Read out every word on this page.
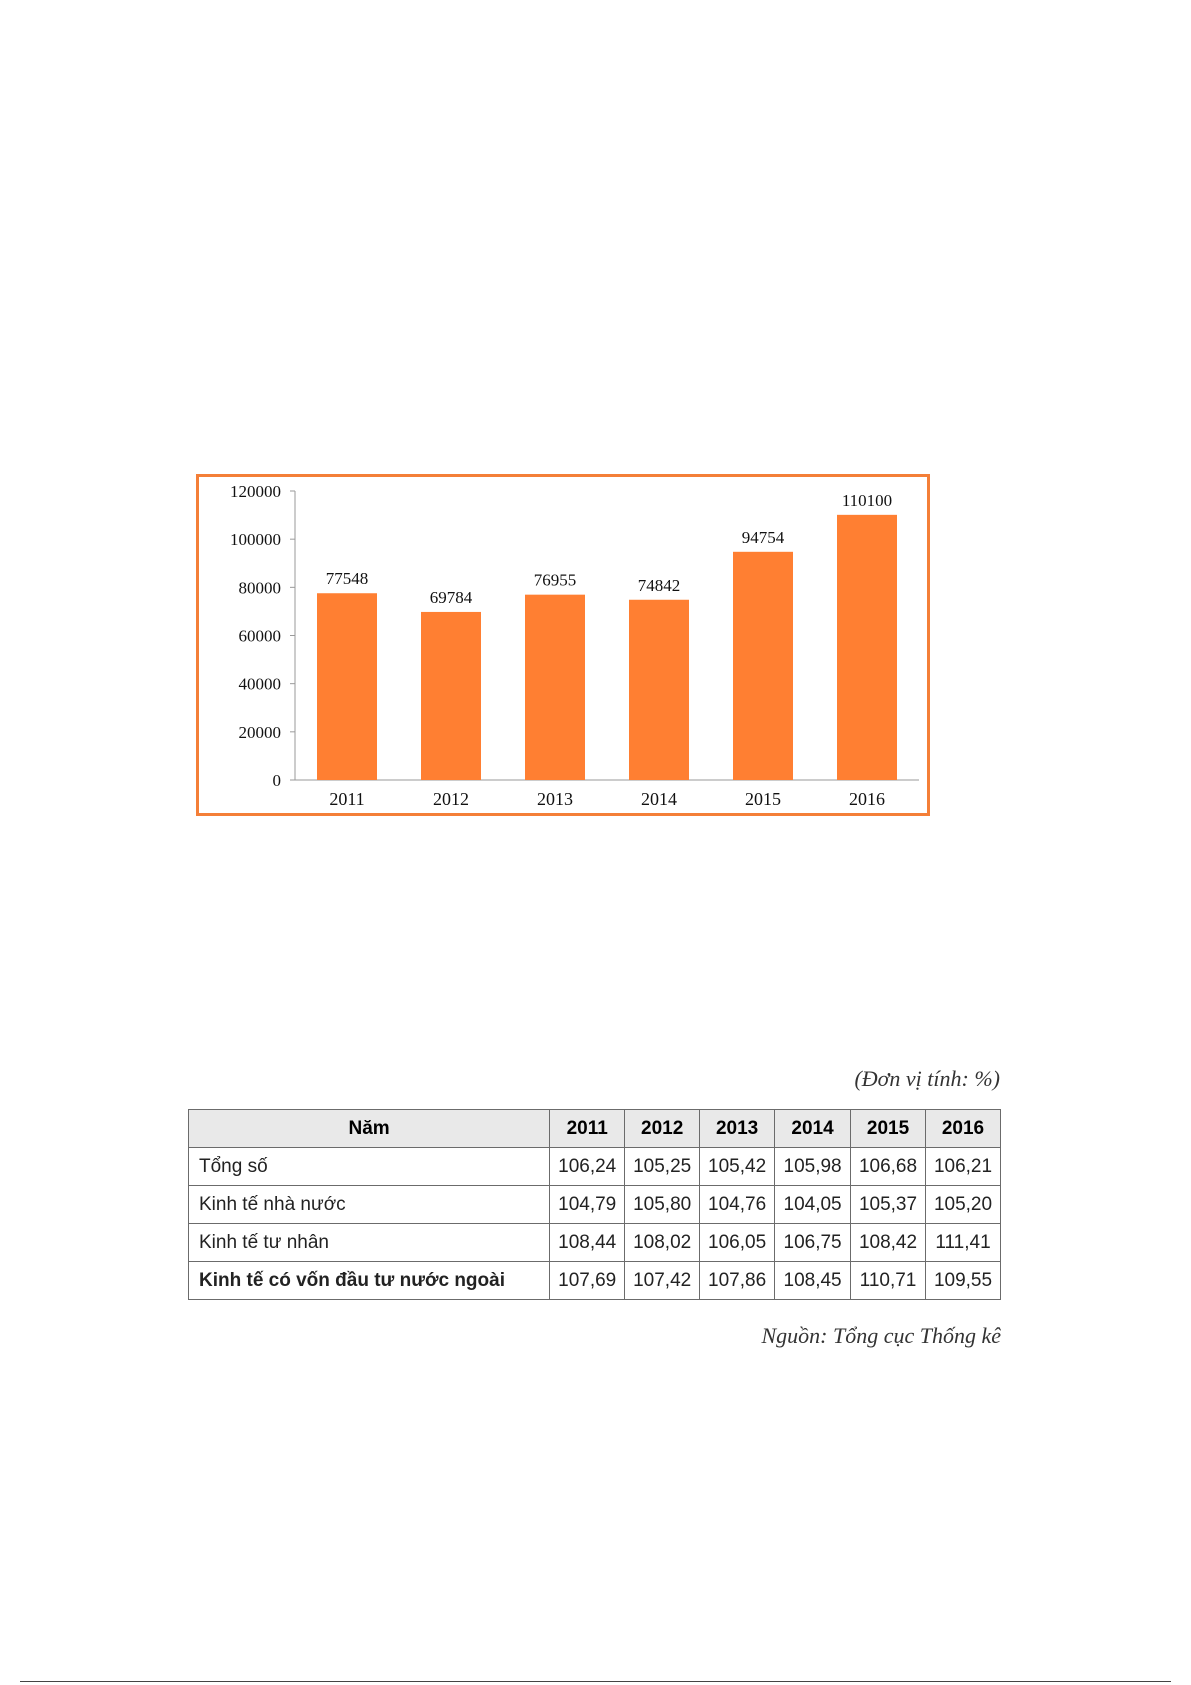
0
20000
40000
60000
80000
100000
120000
77548
2011
69784
2012
76955
2013
74842
2014
94754
2015
110100
2016
(Đơn vị tính: %)
Năm	2011	2012	2013	2014	2015	2016
Tổng số	106,24	105,25	105,42	105,98	106,68	106,21
Kinh tế nhà nước	104,79	105,80	104,76	104,05	105,37	105,20
Kinh tế tư nhân	108,44	108,02	106,05	106,75	108,42	111,41
Kinh tế có vốn đầu tư nước ngoài	107,69	107,42	107,86	108,45	110,71	109,55
Nguồn: Tổng cục Thống kê
